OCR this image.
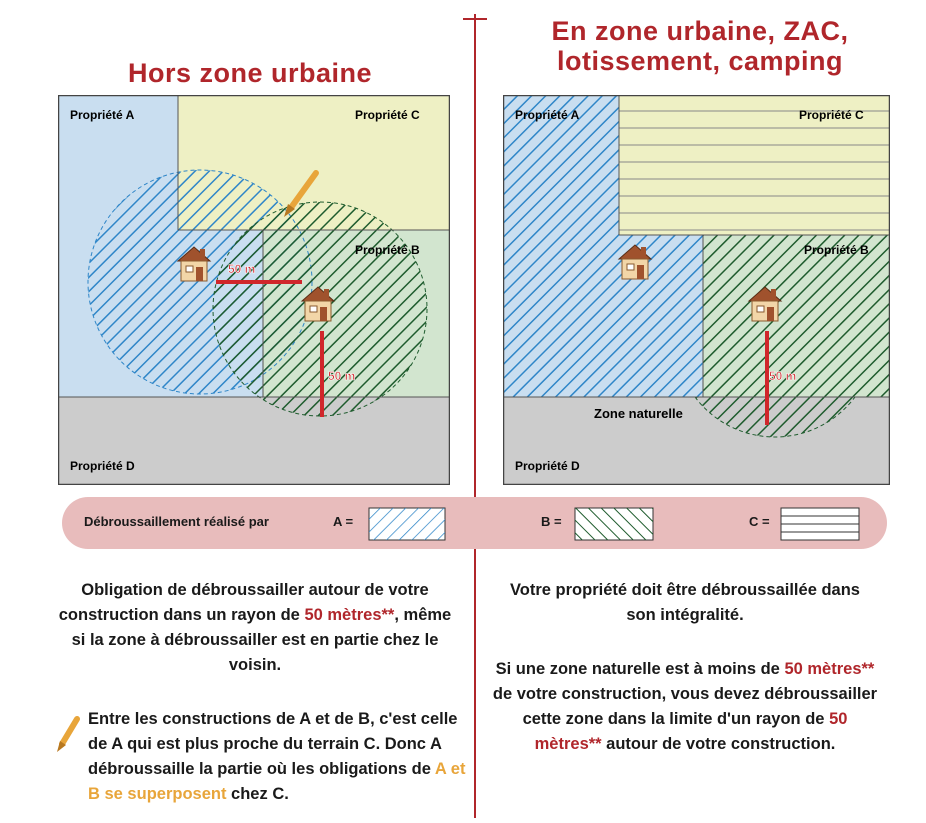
Hors zone urbaine
En zone urbaine, ZAC,
lotissement, camping
50 m
50 m
Propriété A	Propriété C
Propriété B
Propriété D
50 m
Propriété A	Propriété C
Propriété B
Zone naturelle
Propriété D
Débroussaillement réalisé par	A =	B =	C =
Obligation de débroussailler autour de votre construction dans un rayon de 50 mètres**, même si la zone à débroussailler est en partie chez le voisin.
Entre les constructions de A et de B, c'est celle de A qui est plus proche du terrain C. Donc A débroussaille la partie où les obligations de A et B se superposent chez C.
Votre propriété doit être débroussaillée dans son intégralité.
Si une zone naturelle est à moins de 50 mètres** de votre construction, vous devez débroussailler cette zone dans la limite d'un rayon de 50 mètres** autour de votre construction.
